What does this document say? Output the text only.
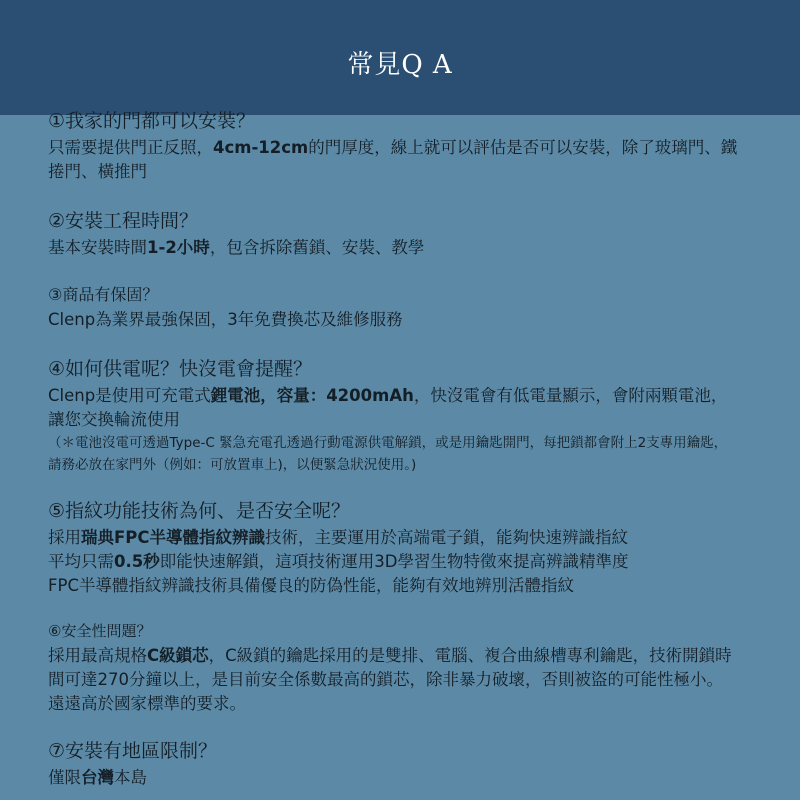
常見Q A
①我家的門都可以安裝？
只需要提供門正反照，4cm-12cm的門厚度，線上就可以評估是否可以安裝，除了玻璃門、鐵捲門、橫推門
②安裝工程時間？
基本安裝時間1-2小時，包含拆除舊鎖、安裝、教學
③商品有保固？
Clenp為業界最強保固，3年免費換芯及維修服務
④如何供電呢？快沒電會提醒？
Clenp是使用可充電式鋰電池，容量：4200mAh，快沒電會有低電量顯示，會附兩顆電池，讓您交換輪流使用
（＊電池沒電可透過Type-C 緊急充電孔透過行動電源供電解鎖，或是用鑰匙開門，每把鎖都會附上2支專用鑰匙，請務必放在家門外（例如：可放置車上)，以便緊急狀況使用。)
⑤指紋功能技術為何、是否安全呢？
採用瑞典FPC半導體指紋辨識技術，主要運用於高端電子鎖，能夠快速辨識指紋
平均只需0.5秒即能快速解鎖，這項技術運用3D學習生物特徵來提高辨識精準度
FPC半導體指紋辨識技術具備優良的防偽性能，能夠有效地辨別活體指紋
⑥安全性問題？
採用最高規格C級鎖芯，C級鎖的鑰匙採用的是雙排、電腦、複合曲線槽專利鑰匙，技術開鎖時間可達270分鐘以上，是目前安全係數最高的鎖芯，除非暴力破壞，否則被盜的可能性極小。遠遠高於國家標準的要求。
⑦安裝有地區限制？
僅限台灣本島
